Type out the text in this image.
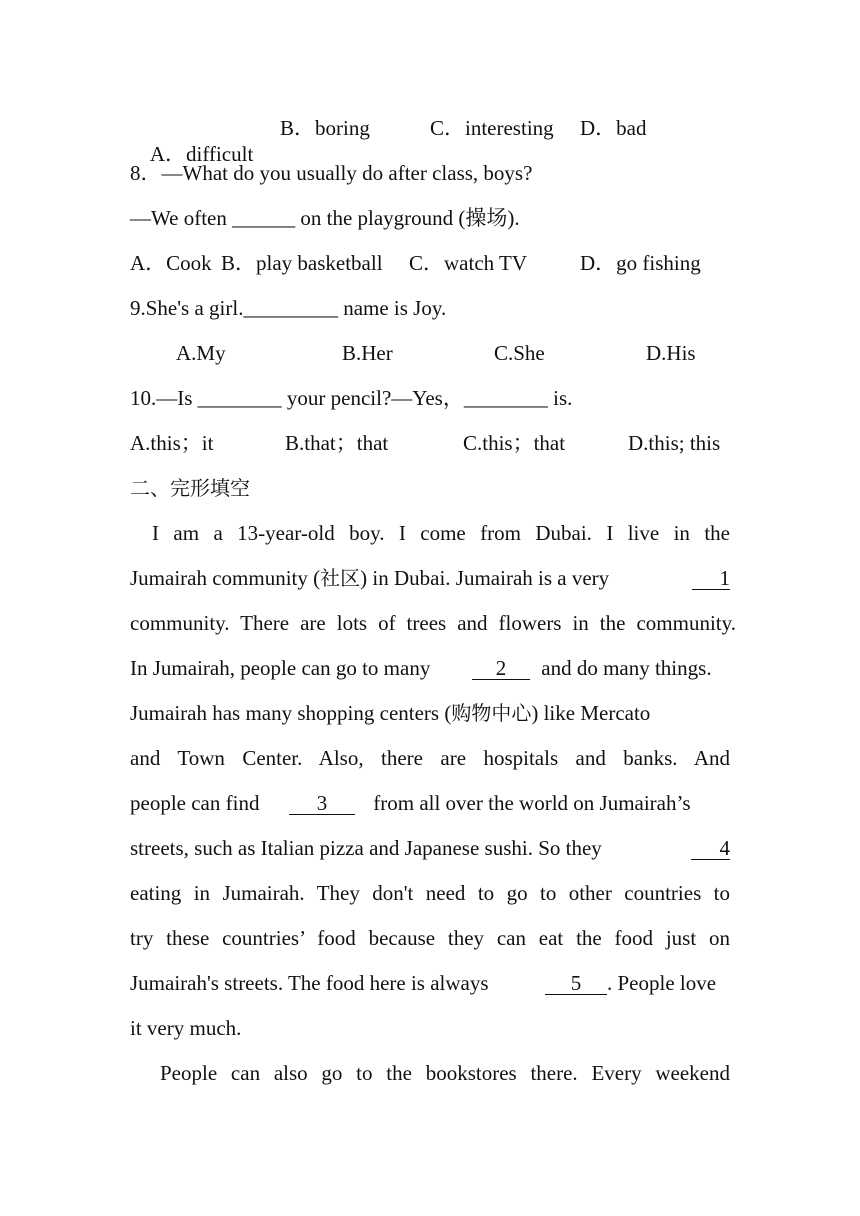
A．difficult

B．boring	C．interesting D．bad
8．—What do you usually do after class, boys?
—We often ______ on the playground (操场).
A．Cook B．play basketball C．watch TV	D．go fishing
9.She's a girl._________ name is Joy.
A.My	B.Her	C.She	D.His
10.—Is ________ your pencil?—Yes，________ is.
A.this；it	B.that；that	C.this；that	D.this; this
二、完形填空
I am a 13-year-old boy. I come from Dubai. I live in the
Jumairah community (社区) in Dubai. Jumairah is a very	1
community. There are lots of trees and flowers in the community.
In Jumairah, people can go to many	2	and do many things.
Jumairah has many shopping centers (购物中心) like Mercato
and Town Center. Also, there are hospitals and banks. And
people can find	3	from all over the world on Jumairah’s
streets, such as Italian pizza and Japanese sushi. So they	4
eating in Jumairah. They don't need to go to other countries to
try these countries’ food because they can eat the food just on
Jumairah's streets. The food here is always	5	. People love
it very much.
People can also go to the bookstores there. Every weekend
